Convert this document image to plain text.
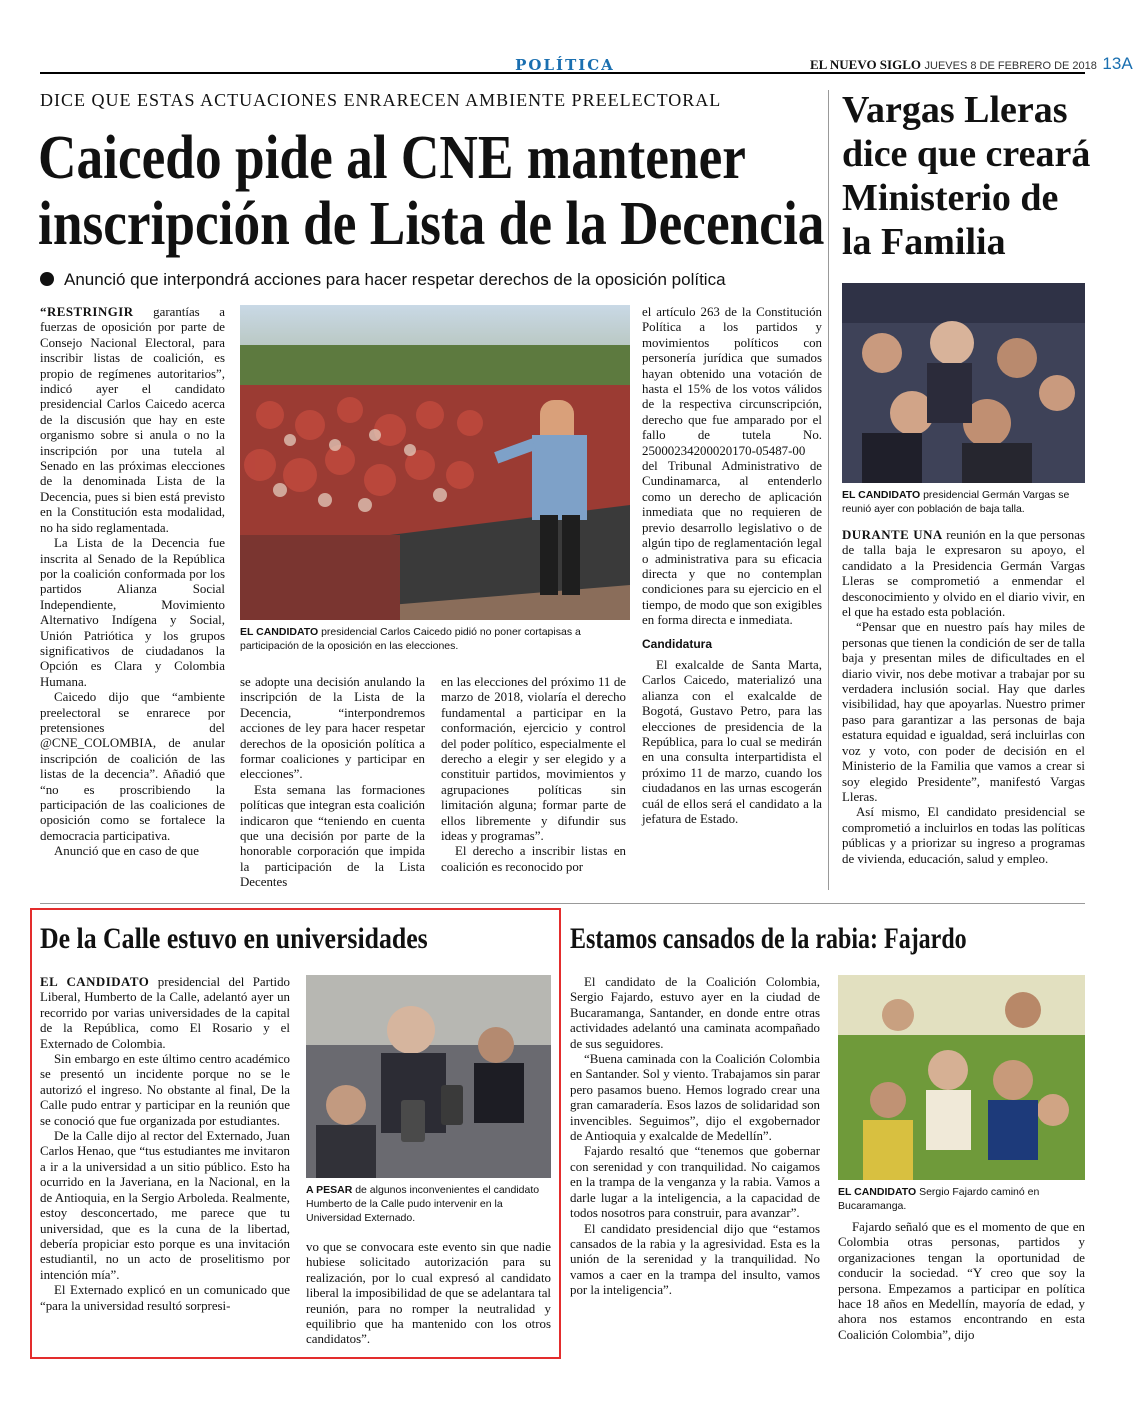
POLÍTICA	EL NUEVO SIGLO JUEVES 8 DE FEBRERO DE 2018 13A
DICE QUE ESTAS ACTUACIONES ENRARECEN AMBIENTE PREELECTORAL
Caicedo pide al CNE mantener
inscripción de Lista de la Decencia
Anunció que interpondrá acciones para hacer respetar derechos de la oposición política

“RESTRINGIR garantías a fuerzas de oposición por parte de Consejo Nacional Electoral, para inscribir listas de coalición, es propio de regímenes autoritarios”, indicó ayer el candidato presidencial Carlos Caicedo acerca de la discusión que hay en este organismo sobre si anula o no la inscripción por una tutela al Senado en las próximas elecciones de la denominada Lista de la Decencia, pues si bien está previsto en la Constitución esta modalidad, no ha sido reglamentada.

La Lista de la Decencia fue inscrita al Senado de la República por la coalición conformada por los partidos Alianza Social Independiente, Movimiento Alternativo Indígena y Social, Unión Patriótica y los grupos significativos de ciudadanos la Opción es Clara y Colombia Humana.

Caicedo dijo que “ambiente preelectoral se enrarece por pretensiones del @CNE_COLOMBIA, de anular inscripción de coalición de las listas de la decencia”. Añadió que “no es proscribiendo la participación de las coaliciones de oposición como se fortalece la democracia participativa.

Anunció que en caso de que

EL CANDIDATO presidencial Carlos Caicedo pidió no poner cortapisas a participación de la oposición en las elecciones.

se adopte una decisión anulando la inscripción de la Lista de la Decencia, “interpondremos acciones de ley para hacer respetar derechos de la oposición política a formar coaliciones y participar en elecciones”.

Esta semana las formaciones políticas que integran esta coalición indicaron que “teniendo en cuenta que una decisión por parte de la honorable corporación que impida la participación de la Lista Decentes

en las elecciones del próximo 11 de marzo de 2018, violaría el derecho fundamental a participar en la conformación, ejercicio y control del poder político, especialmente el derecho a elegir y ser elegido y a constituir partidos, movimientos y agrupaciones políticas sin limitación alguna; formar parte de ellos libremente y difundir sus ideas y programas”.

El derecho a inscribir listas en coalición es reconocido por

el artículo 263 de la Constitución Política a los partidos y movimientos políticos con personería jurídica que sumados hayan obtenido una votación de hasta el 15% de los votos válidos de la respectiva circunscripción, derecho que fue amparado por el fallo de tutela No. 25000234200020170-05487-00 del Tribunal Administrativo de Cundinamarca, al entenderlo como un derecho de aplicación inmediata que no requieren de previo desarrollo legislativo o de algún tipo de reglamentación legal o administrativa para su eficacia directa y que no contemplan condiciones para su ejercicio en el tiempo, de modo que son exigibles en forma directa e inmediata.

Candidatura

El exalcalde de Santa Marta, Carlos Caicedo, materializó una alianza con el exalcalde de Bogotá, Gustavo Petro, para las elecciones de presidencia de la República, para lo cual se medirán en una consulta interpartidista el próximo 11 de marzo, cuando los ciudadanos en las urnas escogerán cuál de ellos será el candidato a la jefatura de Estado.

Vargas Lleras dice que creará Ministerio de la Familia
EL CANDIDATO presidencial Germán Vargas se reunió ayer con población de baja talla.

DURANTE UNA reunión en la que personas de talla baja le expresaron su apoyo, el candidato a la Presidencia Germán Vargas Lleras se comprometió a enmendar el desconocimiento y olvido en el diario vivir, en el que ha estado esta población.

“Pensar que en nuestro país hay miles de personas que tienen la condición de ser de talla baja y presentan miles de dificultades en el diario vivir, nos debe motivar a trabajar por su verdadera inclusión social. Hay que darles visibilidad, hay que apoyarlas. Nuestro primer paso para garantizar a las personas de baja estatura equidad e igualdad, será incluirlas con voz y voto, con poder de decisión en el Ministerio de la Familia que vamos a crear si soy elegido Presidente”, manifestó Vargas Lleras.

Así mismo, El candidato presidencial se comprometió a incluirlos en todas las políticas públicas y a priorizar su ingreso a programas de vivienda, educación, salud y empleo.

De la Calle estuvo en universidades

EL CANDIDATO presidencial del Partido Liberal, Humberto de la Calle, adelantó ayer un recorrido por varias universidades de la capital de la República, como El Rosario y el Externado de Colombia.

Sin embargo en este último centro académico se presentó un incidente porque no se le autorizó el ingreso. No obstante al final, De la Calle pudo entrar y participar en la reunión que se conoció que fue organizada por estudiantes.

De la Calle dijo al rector del Externado, Juan Carlos Henao, que “tus estudiantes me invitaron a ir a la universidad a un sitio público. Esto ha ocurrido en la Javeriana, en la Nacional, en la de Antioquia, en la Sergio Arboleda. Realmente, estoy desconcertado, me parece que tu universidad, que es la cuna de la libertad, debería propiciar esto porque es una invitación estudiantil, no un acto de proselitismo por intención mía”.

El Externado explicó en un comunicado que “para la universidad resultó sorpresi-

A PESAR de algunos inconvenientes el candidato Humberto de la Calle pudo intervenir en la Universidad Externado.

vo que se convocara este evento sin que nadie hubiese solicitado autorización para su realización, por lo cual expresó al candidato liberal la imposibilidad de que se adelantara tal reunión, para no romper la neutralidad y equilibrio que ha mantenido con los otros candidatos”.

Estamos cansados de la rabia: Fajardo

El candidato de la Coalición Colombia, Sergio Fajardo, estuvo ayer en la ciudad de Bucaramanga, Santander, en donde entre otras actividades adelantó una caminata acompañado de sus seguidores.

“Buena caminada con la Coalición Colombia en Santander. Sol y viento. Trabajamos sin parar pero pasamos bueno. Hemos logrado crear una gran camaradería. Esos lazos de solidaridad son invencibles. Seguimos”, dijo el exgobernador de Antioquia y exalcalde de Medellín”.

Fajardo resaltó que “tenemos que gobernar con serenidad y con tranquilidad. No caigamos en la trampa de la venganza y la rabia. Vamos a darle lugar a la inteligencia, a la capacidad de todos nosotros para construir, para avanzar”.

El candidato presidencial dijo que “estamos cansados de la rabia y la agresividad. Esta es la unión de la serenidad y la tranquilidad. No vamos a caer en la trampa del insulto, vamos por la inteligencia”.

EL CANDIDATO Sergio Fajardo caminó en Bucaramanga.

Fajardo señaló que es el momento de que en Colombia otras personas, partidos y organizaciones tengan la oportunidad de conducir la sociedad. “Y creo que soy la persona. Empezamos a participar en política hace 18 años en Medellín, mayoría de edad, y ahora nos estamos encontrando en esta Coalición Colombia”, dijo
